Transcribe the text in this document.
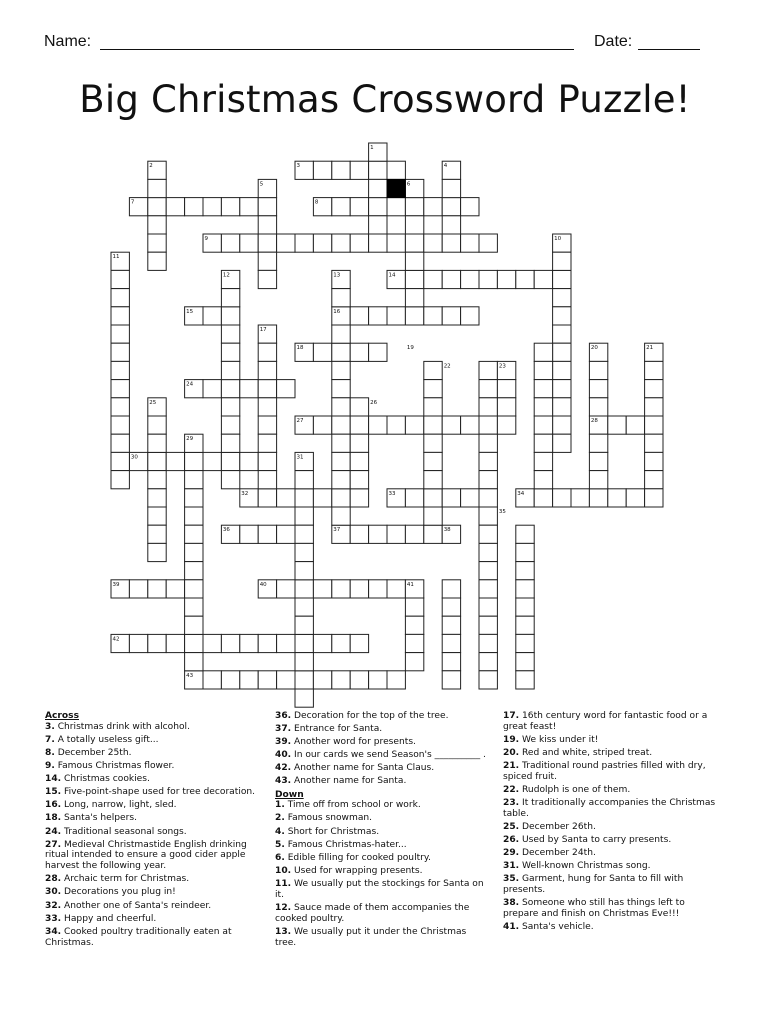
Name:	Date:
Big Christmas Crossword Puzzle!
1
2	3	4
5	6
7	8
9	10
11
12	13	14
15	16
17
18	19	20	21
22	23
24
25	26
27	28
29
30	31
32	33	34
35
36	37	38
39	40	41
42
43
Across
3. Christmas drink with alcohol.
7. A totally useless gift...
8. December 25th.
9. Famous Christmas flower.
14. Christmas cookies.
15. Five-point-shape used for tree decoration.
16. Long, narrow, light, sled.
18. Santa's helpers.
24. Traditional seasonal songs.
27. Medieval Christmastide English drinking ritual intended to ensure a good cider apple harvest the following year.
28. Archaic term for Christmas.
30. Decorations you plug in!
32. Another one of Santa's reindeer.
33. Happy and cheerful.
34. Cooked poultry traditionally eaten at Christmas.
36. Decoration for the top of the tree.
37. Entrance for Santa.
39. Another word for presents.
40. In our cards we send Season's __________ .
42. Another name for Santa Claus.
43. Another name for Santa.
Down
1. Time off from school or work.
2. Famous snowman.
4. Short for Christmas.
5. Famous Christmas-hater...
6. Edible filling for cooked poultry.
10. Used for wrapping presents.
11. We usually put the stockings for Santa on it.
12. Sauce made of them accompanies the cooked poultry.
13. We usually put it under the Christmas tree.
17. 16th century word for fantastic food or a great feast!
19. We kiss under it!
20. Red and white, striped treat.
21. Traditional round pastries filled with dry, spiced fruit.
22. Rudolph is one of them.
23. It traditionally accompanies the Christmas table.
25. December 26th.
26. Used by Santa to carry presents.
29. December 24th.
31. Well-known Christmas song.
35. Garment, hung for Santa to fill with presents.
38. Someone who still has things left to prepare and finish on Christmas Eve!!!
41. Santa's vehicle.
